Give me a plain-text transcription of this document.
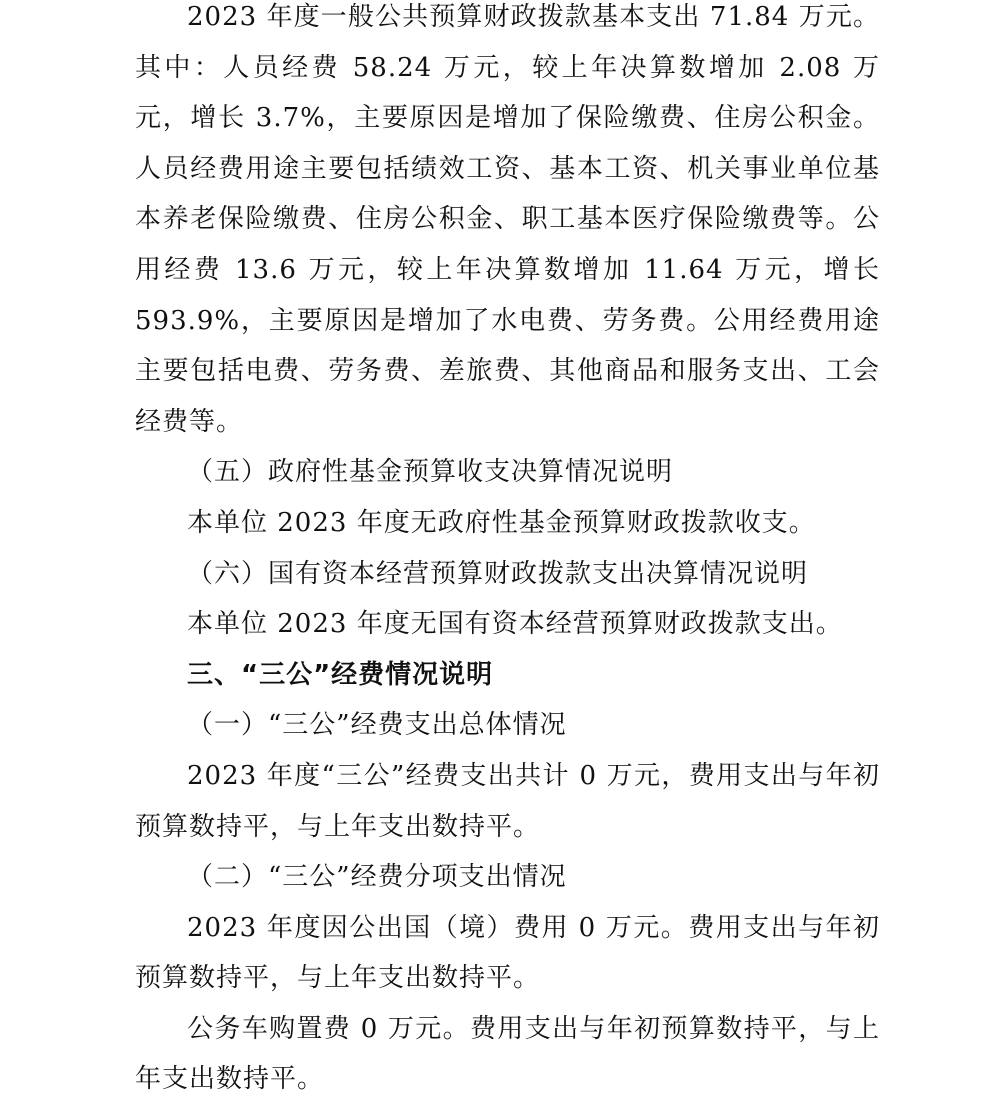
2023 年度一般公共预算财政拨款基本支出 71.84 万元。其中：人员经费 58.24 万元，较上年决算数增加 2.08 万元，增长 3.7%，主要原因是增加了保险缴费、住房公积金。人员经费用途主要包括绩效工资、基本工资、机关事业单位基本养老保险缴费、住房公积金、职工基本医疗保险缴费等。公用经费 13.6 万元，较上年决算数增加 11.64 万元，增长 593.9%，主要原因是增加了水电费、劳务费。公用经费用途主要包括电费、劳务费、差旅费、其他商品和服务支出、工会经费等。

（五）政府性基金预算收支决算情况说明

本单位 2023 年度无政府性基金预算财政拨款收支。

（六）国有资本经营预算财政拨款支出决算情况说明

本单位 2023 年度无国有资本经营预算财政拨款支出。

三、“三公”经费情况说明

（一）“三公”经费支出总体情况

2023 年度“三公”经费支出共计 0 万元，费用支出与年初预算数持平，与上年支出数持平。

（二）“三公”经费分项支出情况

2023 年度因公出国（境）费用 0 万元。费用支出与年初预算数持平，与上年支出数持平。

公务车购置费 0 万元。费用支出与年初预算数持平，与上年支出数持平。
